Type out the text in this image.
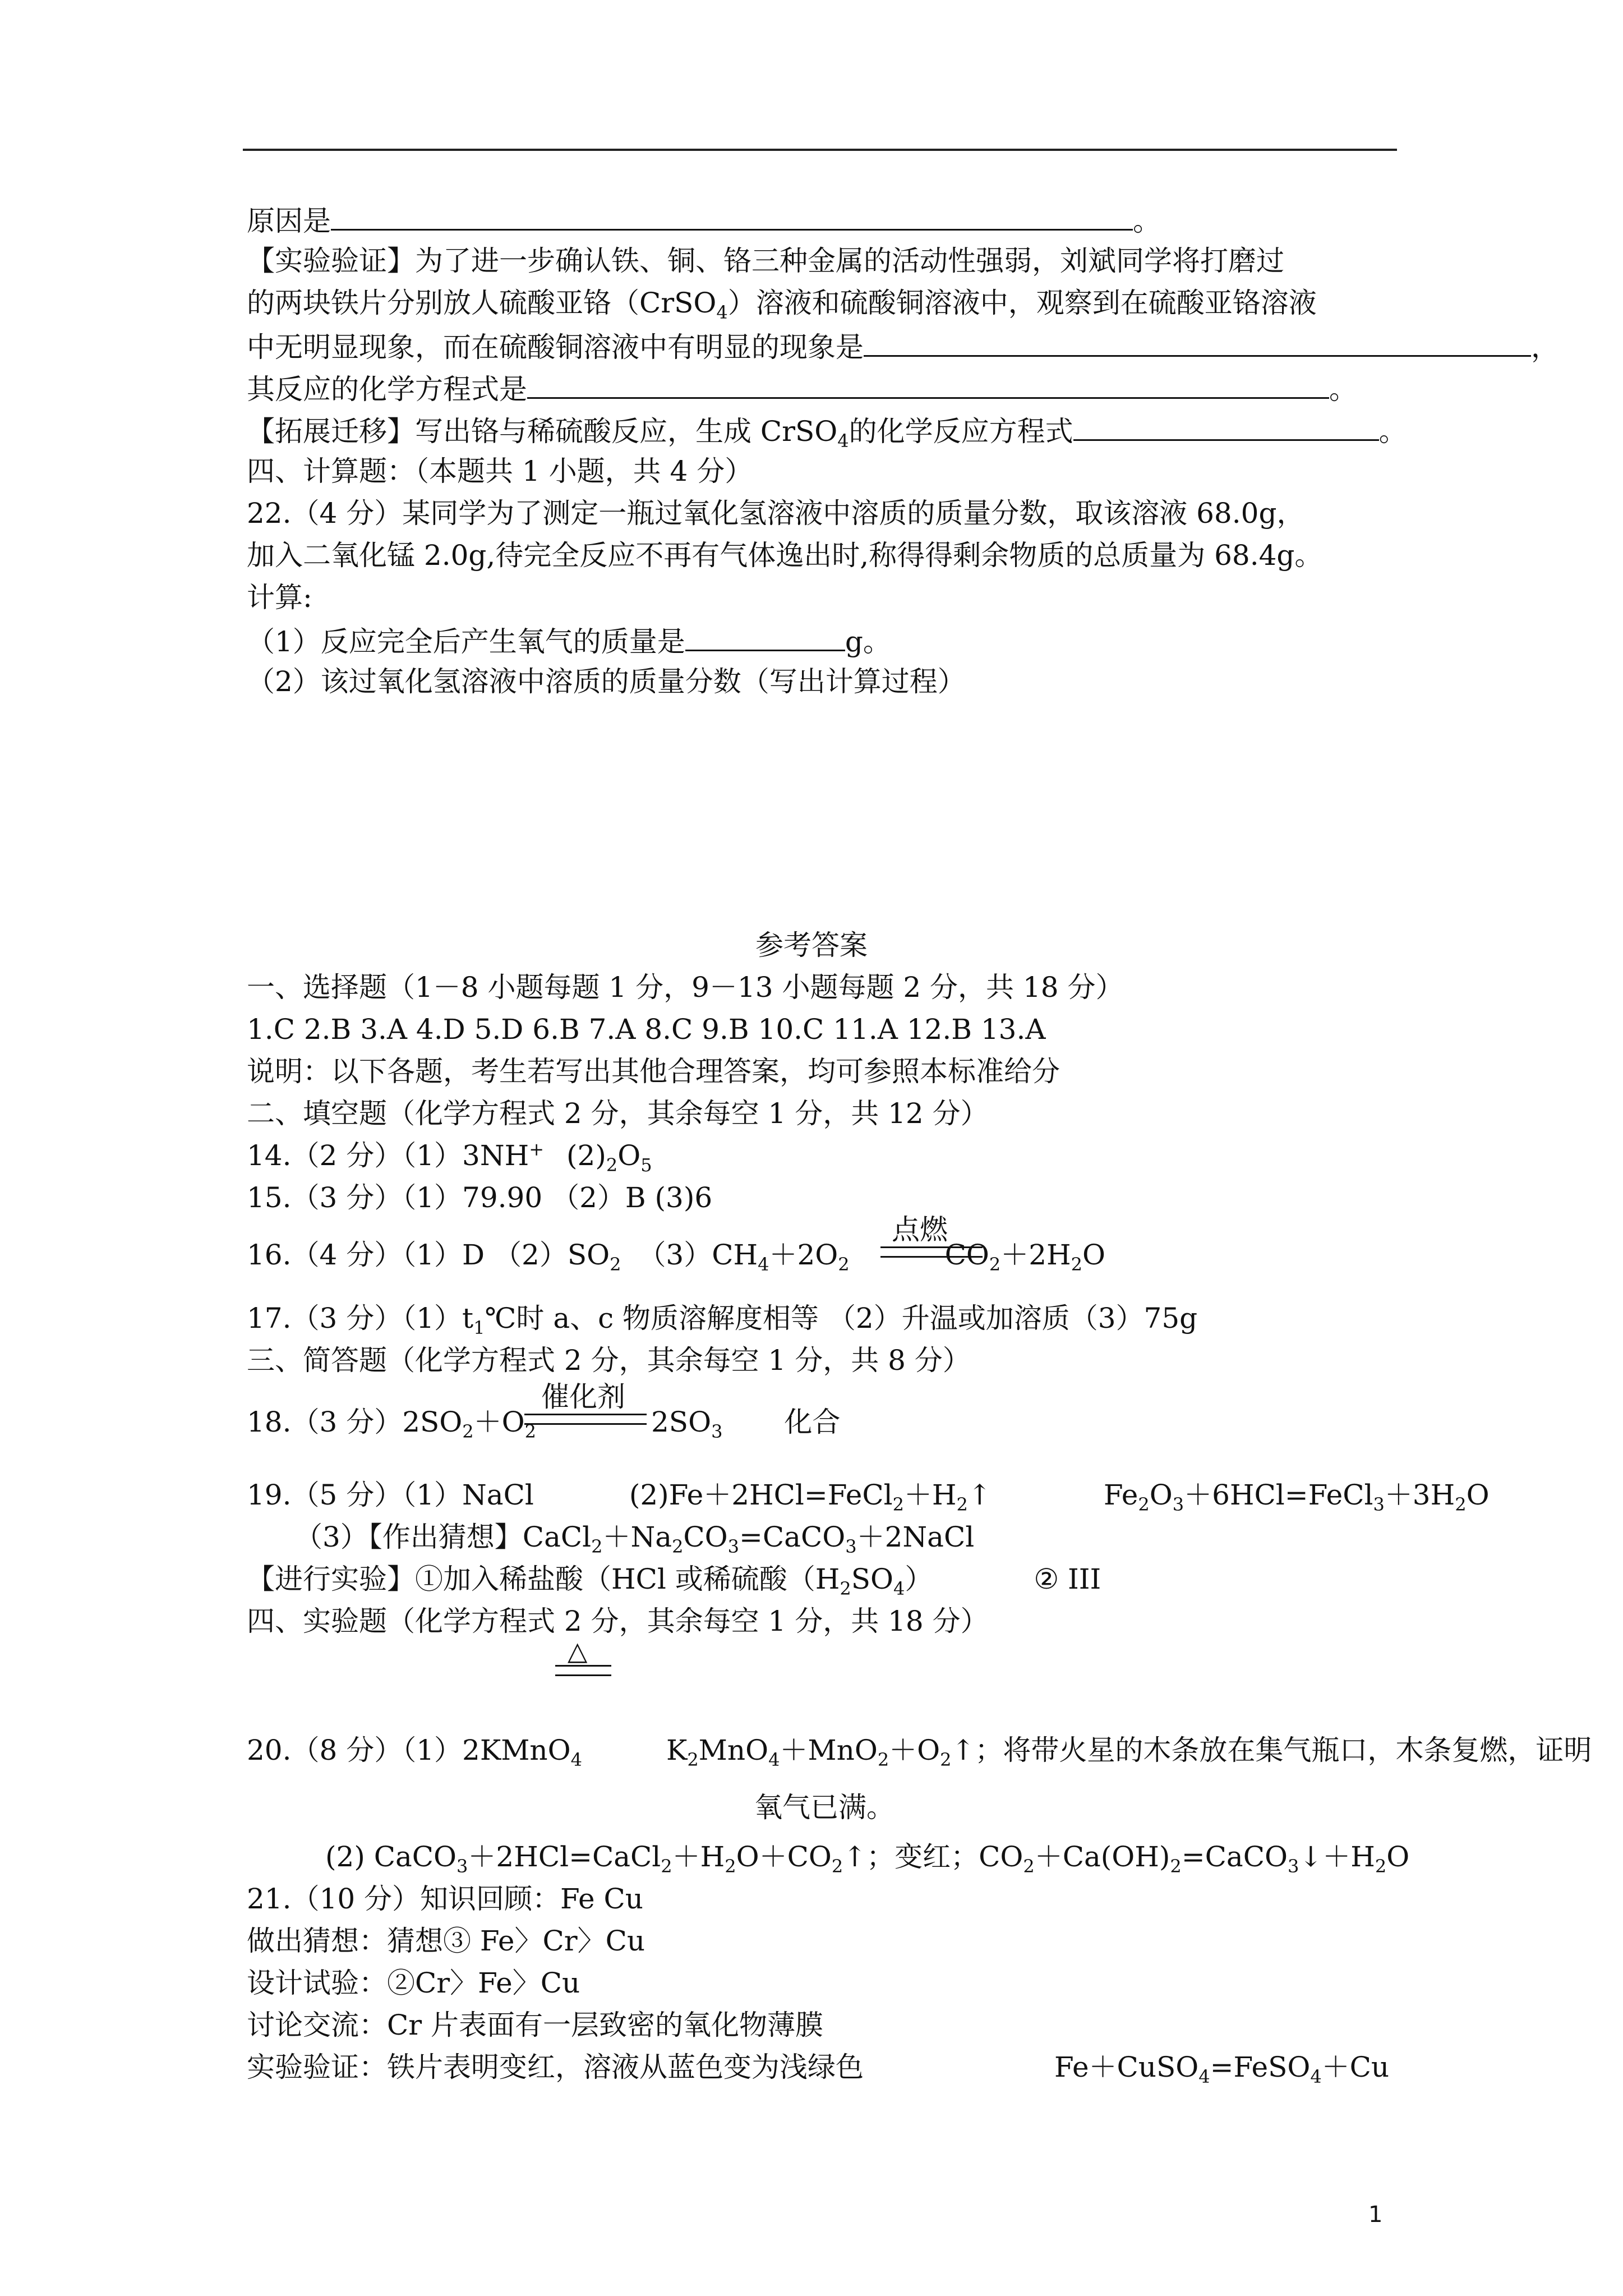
原因是	。
【实验验证】为了进一步确认铁、铜、铬三种金属的活动性强弱，刘斌同学将打磨过
的两块铁片分别放人硫酸亚铬（CrSO$_4$）溶液和硫酸铜溶液中，观察到在硫酸亚铬溶液
中无明显现象，而在硫酸铜溶液中有明显的现象是	，
其反应的化学方程式是	。
【拓展迁移】写出铬与稀硫酸反应，生成 CrSO$_4$的化学反应方程式	。
四、计算题：（本题共 1 小题，共 4 分）
22.（4 分）某同学为了测定一瓶过氧化氢溶液中溶质的质量分数，取该溶液 68.0g，
加入二氧化锰 2.0g,待完全反应不再有气体逸出时,称得得剩余物质的总质量为 68.4g。
计算:
（1）反应完全后产生氧气的质量是	g。
（2）该过氧化氢溶液中溶质的质量分数（写出计算过程）
参考答案
一、选择题（1－8 小题每题 1 分，9－13 小题每题 2 分，共 18 分）
1.C 2.B 3.A 4.D 5.D 6.B 7.A 8.C 9.B 10.C 11.A 12.B 13.A
说明：以下各题，考生若写出其他合理答案，均可参照本标准给分
二、填空题（化学方程式 2 分，其余每空 1 分，共 12 分）
14.（2 分）（1）3NH+ $(2)_2O_5$
15.（3 分）（1）79.90 （2）B (3)6
点燃
16.（4 分）（1）D $(2)SO_2$ $(3)CH_4+2O_2$	$CO_2+2H_2O$
17.（3 分）$(1)t_1℃$时 a、c 物质溶解度相等 （2）升温或加溶质（3）75g
三、简答题（化学方程式 2 分，其余每空 1 分，共 8 分）
催化剂
18.（3 分）$2SO_2+O_2$	$2SO_3$ 化合
19.（5 分）（1）NaCl	$(2)Fe+2HCl=FeCl_2+H_2↑$	$Fe_2O_3+6HCl=FeCl_3+3H_2O$
（3）【作出猜想】$CaCl_2+Na_2CO_3=CaCO_3+2NaCl$
【进行实验】①加入稀盐酸（HCl 或稀硫酸$(H_2SO_4)$	② III
四、实验题（化学方程式 2 分，其余每空 1 分，共 18 分）
△
20.（8 分）（1）2KMnO$_4$	$K_2MnO_4+MnO_2+O_2↑$；将带火星的木条放在集气瓶口，木条复燃，证明
氧气已满。
(2) $CaCO_3+2HCl=CaCl_2+H_2O+CO_2↑$；变红；$CO_2+Ca(OH)_2=CaCO_3↓+H_2O$
21.（10 分）知识回顾：Fe Cu
做出猜想：猜想③ Fe〉Cr〉Cu
设计试验：②Cr〉Fe〉Cu
讨论交流：Cr 片表面有一层致密的氧化物薄膜
实验验证：铁片表明变红，溶液从蓝色变为浅绿色	Fe＋CuSO$_4$=FeSO$_4$＋Cu
1
